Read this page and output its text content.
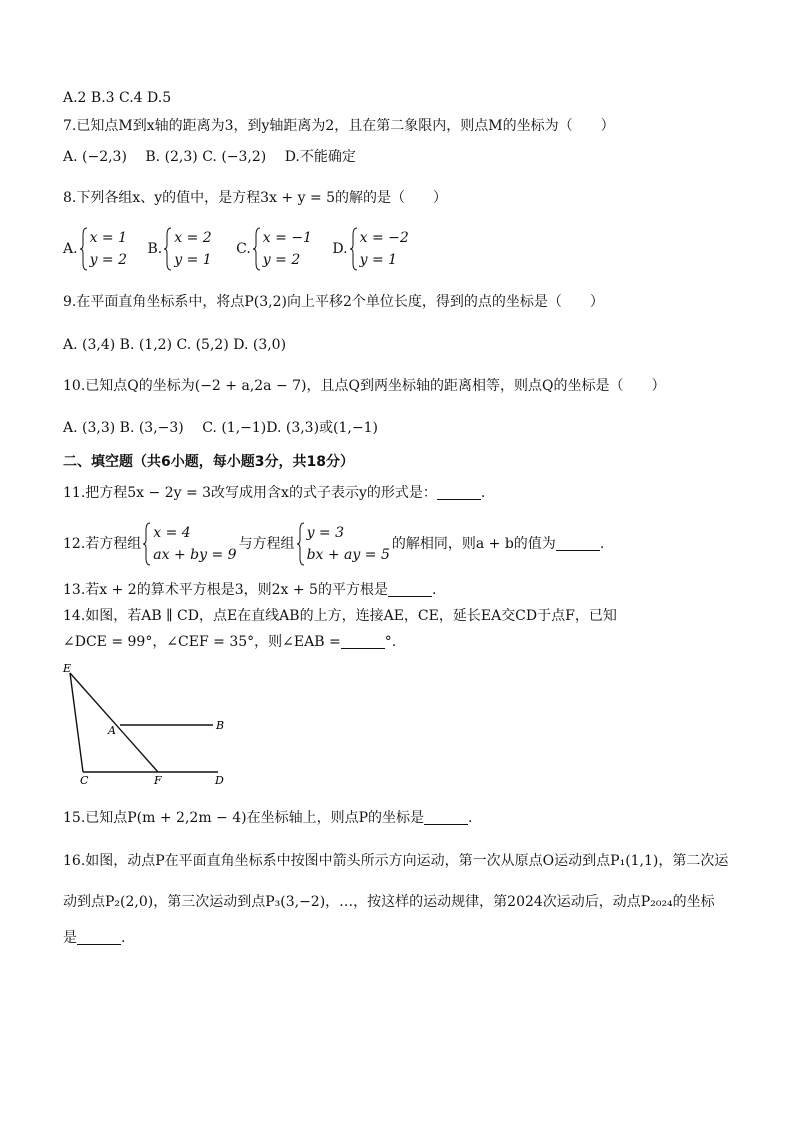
A.2 B.3 C.4 D.5
7.已知点M到x轴的距离为3，到y轴距离为2，且在第二象限内，则点M的坐标为（　　）
A. (−2,3)　 B. (2,3) C. (−3,2)　 D.不能确定
8.下列各组x、y的值中，是方程3x + y = 5的解的是（　　）
A.
x = 1
y = 2
B.
x = 2
y = 1
C.
x = −1
y = 2
D.
x = −2
y = 1
9.在平面直角坐标系中，将点P(3,2)向上平移2个单位长度，得到的点的坐标是（　　）
A. (3,4) B. (1,2) C. (5,2) D. (3,0)
10.已知点Q的坐标为(−2 + a,2a − 7)，且点Q到两坐标轴的距离相等，则点Q的坐标是（　　）
A. (3,3) B. (3,−3)　 C. (1,−1)D. (3,3)或(1,−1)
二、填空题（共6小题，每小题3分，共18分）
11.把方程5x − 2y = 3改写成用含x的式子表示y的形式是：	.
12.若方程组
x = 4
ax + by = 9
与方程组
y = 3
bx + ay = 5
的解相同，则a + b的值为	.
13.若x + 2的算术平方根是3，则2x + 5的平方根是	.
14.如图，若AB ∥ CD，点E在直线AB的上方，连接AE，CE，延长EA交CD于点F，已知
∠DCE = 99°，∠CEF = 35°，则∠EAB =	°.
E
A	B
C	F	D
15.已知点P(m + 2,2m − 4)在坐标轴上，则点P的坐标是	.
16.如图，动点P在平面直角坐标系中按图中箭头所示方向运动，第一次从原点O运动到点P₁(1,1)，第二次运
动到点P₂(2,0)，第三次运动到点P₃(3,−2)，…，按这样的运动规律，第2024次运动后，动点P₂₀₂₄的坐标
是	.
